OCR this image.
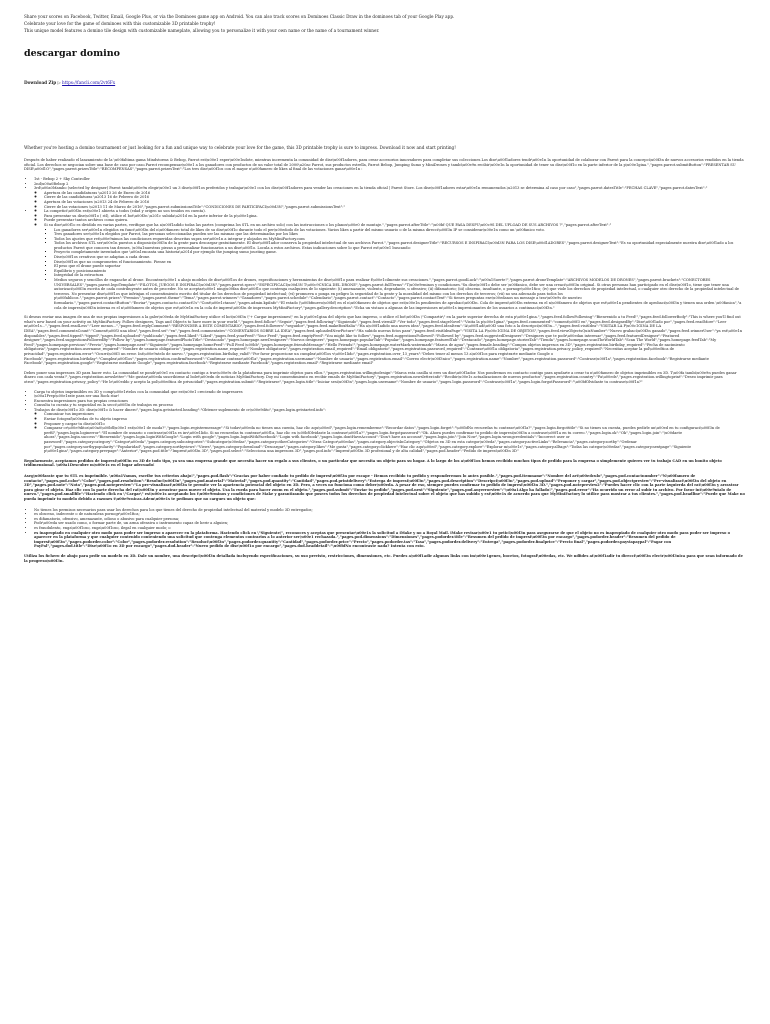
Share your scores on Facebook, Twitter, Email, Google Plus, or via the Dominoes game app on Android. You can also track scores on Dominoes Classic Draw in the dominoes tab of your Google Play app.

Celebrate your love for the game of dominoes with this customizable 3D printable trophy!

This unique model features a domino tile design with customizable nameplate, allowing you to personalize it with your own name or the name of a tournament winner.

descargar domino
Download Zip ▷ https://fancli.com/2vt6Fx

Whether you're hosting a domino tournament or just looking for a fun and unique way to celebrate your love for the game, this 3D printable trophy is sure to impress. Download it now and start printing!

Después de haber realizado el lanzamiento de la \u00faltima gama Mindstorms & Bebop, Parrot est\u00e1 esper\u00e1ndote, mientras incrementa la comunidad de dise\u00f1adores, para crear accesorios innovadores para completar sus colecciones.Los dise\u00f1adores tendr\u00e1n la oportunidad de colaborar con Parrot para la concepci\u00f3n de nuevos accesorios vendidos en la tienda oficial. Los derechos se negocian sobre una base de caso por caso.Parrot recompensar\u00e1 a los ganadores con productos de un valor total de 2000\u20ac Parrot, sus productos estrella, Parrot Bebop, Jumping Sumo y MiniDrones y tambi\u00e9n recibir\u00e1n la oportunidad de tener su dise\u00f1o en la parte inferior de la p\u00e1gina.","pages.parrot.submitButton":"PRESENTAR SU DISE\u00d1O","pages.parrot.prizesTitle":"RECOMPENSAS","pages.parrot.prizesText":"Los tres dise\u00f1os con el mayor n\u00famero de likes al final de las votaciones ganar\u00e1n :

• 1st - Bebop 2 + Sky Controller
• 2nd\u00a0Bebop 2
• 3rd\u00a0Mambo (selected by designer) Parrot tambi\u00e9n elegir\u00e1 un 3 dise\u00f1os preferidos y trabajar\u00e1 con los dise\u00f1adores para vender las creaciones en la tienda oficial | Parrot Store. Los dise\u00f1adores estar\u00e1n remunerados.\u2013 se determina al caso por caso","pages.parrot.datesTitle":"FECHAS CLAVE","pages.parrot.datesText":"
◦ Apertura de las candidaturas \u2013 26 de Enero de 2016
◦ Cierre de las candidaturas \u2013 16 de Febrero de 2016
◦ Apertura de las votaciones \u2013 24 de Febrero de 2016
◦ Cierre de las votaciones \u2013 11 de Marzo de 2016","pages.parrot.submissionsTitle":"CONDICIONES DE PARTICIPACI\u00d3N","pages.parrot.submissionsText":"
◦ • La competici\u00f3n est\u00e1 abierta a todos (edad y origen no son tenidos en cuenta).
◦ Para presentar su dise\u00f1o ( stl), utilice el bot\u00f3n \u201c subida\u201d en la parte inferior de la p\u00e1gina.
◦ Puede presentar tantos archivos como quiera.
◦ Si su dise\u00f1o es dividido en varias partes, verifique que ha a\u00f1adido todas las partes (comprima los STL en un archivo solo) con las instrucciones o los planos\u00e0 de montaje.","pages.parrot.afterTitle":"\u00bf QUE PASA DESPU\u00c9S DEL UPLOAD DE SUS ARCHIVOS ?","pages.parrot.afterText":"
▪ Los ganadores ser\u00e1n elegidos en funci\u00f3n del n\u00famero total de likes de su dise\u00f1o durante todo el per\u00edodo de las votaciones. Varios likes a partir del mismo usuario o de la misma direcci\u00f3n IP se considerar\u00e1n como un \u00fanico voto.
▪ Tres ganadores ser\u00e1n elegidos por Parrot, las personas seleccionadas pueden ser las mismas que las determinadas por los likes
▪ Todos los ajustes que ret\u00e9nimos las condiciones requeridas descritas supra ser\u00e1n a integrar y alojados en MyMiniFactory.com
▪ Todos los archivos STL ser\u00e1n puestos a disposici\u00f3n de la gente para descargar gratuitamente. El dise\u00f1ador conserva la propiedad intelectual de sus archivos Parrot.","pages.parrot.designerTitle":"RECURSOS E INSPIRACI\u00d3N PARA LOS DISE\u00d1ADORES","pages.parrot.designerText":"Es su oportunidad especialmente nuestra dise\u00f1ado a los productos Parrot que conocen tan drones, \u00a1nuestras piezas a personalizar funcionarios a un dise\u00f1o. Locula a estos archivos. Estas indicaciones sobre lo que Parrot est\u00e1 buscando:
▪ Proyecto completamente inventados que \u00a1encanta una historia\u201d por ejemplo the jumping sumo jousting game.
▪ Dise\u00f1os creativos que se adaptan a cada drone.
▪ Dise\u00f1os que no comprometen el funcionamiento. Piense en
▪ El peso que el drone puede soportar
▪ Equilibrio y posicionamiento
▪ Integridad de la estructura
▪ Medios seguros y sencillos de enganche al drone. Encontrar\u00e1 a abajo modelos de dise\u00f1os de drones, especificaciones y herramientas de dise\u00f1o para realizar f\u00e1cilmente sus creaciones.","pages.parrot.goodLuck":"\u00a1Suerte!","pages.parrot.droneTemplate":"ARCHIVOS MODELOS DE DRONES","pages.parrot.brackets":"CONECTORES UNIVERSALES","pages.parrot.legoTemplate":"PILOTOS, JUEGOS E INSPIRACI\u00d3N","pages.parrot.specs":"ESPECIFICACI\u00d3N T\u00c9CNICA DEL DRONE","pages.parrot.fullTerms":"T\u00e9rminos y condiciones."Su dise\u00f1o debe ser \u00fanico, debe ser una creaci\u00f3n original. Si otras personas han participado en el dise\u00f1o, tiene que tener una autorizaci\u00f3n escrita de cada contribuyente antes de proceder. No se aceptar\u00e1 ning\u00fan dise\u00f1o que contenga cualquiera de lo siguiente: (i) amenazante, violento, degradante, u ofensivo; (ii) difamatorio; (iii) obsceno, insultante, o pornogr\u00e1fico; (iv) que viole los derechos de propiedad intelectual, o cualquier otro derecho de la propiedad intelectual de terceros. No presentar dise\u00f1os que infrinjan el consentimiento escrito del titular de los derechos de propiedad intelectual; (vi) promueva o ponga en peligro la seguridad de la gente y la moralidad del mismo con los derechos de terceros; (vii) no sea adecuado para todos los p\u00fablicos.","pages.parrot.prizes":"Premios","pages.parrot.theme":"Tema","pages.parrot.winners":"Ganadores","pages.parrot.schedule":"Calendario","pages.parrot.contact":"Contacto","pages.parrot.contactText":"Si tienes preguntas env\u00edanos un mensaje a trav\u00e9s de nuestro formulario.","pages.parrot.contactButton":"Enviar","pages.contacto.contactUs":"Cont\u00e1ctanos","pages.admin.kpiInfo":"El estado (\u00bfnuevo\u00bf) en el n\u00famero de objetos que est\u00e1n pendientes de aprobaci\u00f3n. Cola de impresi\u00f3n externa en el n\u00famero de objetos que est\u00e1n pendientes de aprobaci\u00f3n y tienen una orden \u00fanica","a cola de impresi\u00f3n interna es el n\u00famero de objetos que est\u00e1n en la cola de impresi\u00f3n de impresora MyMiniFactory","pages.gallery.description":"Echa un vistazo a algunas de las impresiones m\u00e1s impresionantes de los usuarios a continuaci\u00f3n."

Si deseas enviar una imagen de una de sus propias impresiones a la galer\u00eda de MyMiniFactory utilice el bot\u00f3n \"+ Cargar impresiones\" en la p\u00e1gina del objeto que has impreso, o utilice el bot\u00f3n \"Compartir\" en la parte superior derecha de esta p\u00e1gina.","pages.feed.followFollowing":"Bienvenido a tu Feed!","pages.feed.followerBody":"This is where you'll find out what's new based on your activity on MyMiniFactory. Follow designers, Tags and Objects to have more in your world.","pages.feed.follow":"Seguir","pages.feed.following":"Siguiendo","pages.feed.viewAll":"Ver todo","pages.feed.stageNovel":"Visita la p\u00e1gina","pages.feed.commented":"coment\u00f3 en","pages.feed.designedBy":"Dise\u00f1ado por","pages.feed.readMore":"Leer m\u00e1s...","pages.feed.readLess":"Leer menos...","pages.feed.replyComment":"RESPONDER A ESTE COMENTARIO","pages.feed.followers":"seguidor","pages.feed.makeBoxHalia":"Ha a\u00f1adido una nueva idea","pages.feed.ideaItem":"A\u00f1adi\u00f3 una foto a la descripci\u00f3n...","pages.feed.visitIdea":"VISITAR LA P\u00c1GINA DE LA IDEA","pages.feed.commentsCount":"Coment\u00f3 una idea","pages.feed.sei":"en","pages.feed.commentates":"COMENTARIOS SOBRE LA IDEA","pages.feed.uploadedNewPicture":"Ha subido nuevas fotos para","pages.feed.visitIdeaPage":"VISITA LA P\u00c1GINA DE OBJETOS","pages.feed.viewObjectsQuizNumber":"Nuevo grabaci\u00f3n ganado","pages.feed.winnerUser":"ya est\u00e1n disponibles","pages.feed.tipped":"tipped","pages.feed.uploaded":"publicado","pages.feed.liked":"Liked","pages.feed.yourFeed":"Your Feed","pages.feed.emptyFeed":"You might like to follow","pages.feed.suggestionsFollowed":"Followed by","pages.feed.suggestedDesigners":"Designers que te podr\u00edan interesar","pages.feed.featuredDesigner":"Featured designer","pages.feed.suggestionsFollowedBy":"Follow by","pages.homepage.featuredPhotoTitle":"Destacado","pages.homepage.newDesigners":"Nuevos designers","pages.homepage.popularTab":"Popular","pages.homepage.featuredTab":"Destacado","pages.homepage.storiesTab":"Tienda","pages.homepage.scanTheWorldTab":"Scan The World","pages.homepage.feedTab":"My Feed","pages.homepage.previous":"Previo","pages.homepage.next":"Siguiente","pages.homepage.homeFeed":"Full Feed \u00bb","pages.homepage.friendsMessage":"Hello Friends!","pages.homepage.waterMark.watermark":"Marca de agua","pages.female.heading":"Compra objetos impresos en 3D","pages.registration.birthday_required":"Fecha de nacimiento obligatoria","pages.registration.username_required":"Nombre de usuario obligatorio","pages.registration.name_required":"Nombre obligatorio","pages.registration.email_required":"Email obligatorio","pages.registration.password_required":"Contrase\u00f1a obligatoria","pages.registration.privacy_policy_required":"Necesitas aceptar la pol\u00edtica de privacidad","pages.registration.error":"Ocurri\u00f3 un error. Int\u00e9ntelo de nuevo.","pages.registration.birthday_valid":"Por favor proporcione un cumplea\u00f1os v\u00e1lido","pages.registration.over_13_years":"Debes tener al menos 13 a\u00f1os para registrarte mediante Google o Facebook","pages.registration.birthday":"Cumplea\u00f1os","pages.registration.confirmPassword":"Confirmar contrase\u00f1a","pages.registration.username":"Nombre de usuario","pages.registration.email":"Correo electr\u00f3nico","pages.registration.name":"Nombre","pages.registration.password":"Contrase\u00f1a","pages.registration.facebook":"Registrarse mediante Facebook","pages.registration.google":"Registrarse mediante Google","pages.registration.facebook":"Registrarse mediante Facebook","pages.registration.email":"Registrarse mediante email"

Debes poner una impresora 3D para hacer esto. La comunidad se pondr\u00e1 en contacto contigo a trav\u00e9s de la plataforma para imprimir objetos para ellos.","pages.registration.willingtodesign":"Marca esta casilla si eres un dise\u00f1ador. Nos pondremos en contacto contigo para ayudarte a crear tu n\u00famero de objetos imprimibles en 3D. T\u00fa tambi\u00e9n puedes ganar dinero con cada venta!","pages.registration.newsletter":"Me gustar\u00eda suscribirme al bolet\u00edn de noticias MyMiniFactory. Doy mi consentimiento en recibir emails de MyMiniFactory","pages.registration.newsletter.info":"Recibir\u00e1s actualizaciones de nuevos productos","pages.registration.country":"Pa\u00eds","pages.registration.willingtoprint":"Deseo imprimir para otros","pages.registration.privacy_policy":"He le\u00eddo y acepto la pol\u00edtica de privacidad","pages.registration.submit":"Registrarse","pages.login.title":"Iniciar sesi\u00f3n","pages.login.username":"Nombre de usuario","pages.login.password":"Contrase\u00f1a","pages.login.forgotPassword":"\u00bfOlvidaste tu contrase\u00f1a?"

• Carga tu objetos imprimibles en 3D y comp\u00e1rtelos con la comunidad que est\u00e1 creciendo de impresores
• \u00a1Prep\u00e1rate para ser una Rock star!
• Encuentra impresiones para tus propias creaciones
• Consulta tu cuenta y tu seguridad en la secci\u00f3n de trabajos en proceso
• Trabajos de dise\u00f1o 3D: dise\u00f1o & hacer dinero","pages.login.getstarted.heading":"Obtener suplemento de cr\u00e9dito","pages.login.getstarted.info":
◦ Comunicar tus impresiones
◦ Enviar fotograf\u00edas de tu objeto impreso
◦ Proponer y cargar tu dise\u00f1o
◦ Comparar cr\u00e9ditos\u00a0\u00bfl\u00e1 est\u00e1 de moda?","pages.login.registermessage":"Si todav\u00eda no tienes una cuenta, haz clic aqu\u00ed","pages.login.rememberme":"Recordar datos","pages.login.forget":"\u00bfNo recuerdas tu contrase\u00f1a?","pages.login.forgottitle":"Si no tienes un cuenta, puedes pedirle un\u00ed en tu configuraci\u00f3n de perfil","pages.login.loginerror":"El nombre de usuario o contrase\u00f1a es inv\u00e1lido. Si no recuerdas tu contrase\u00f1a, haz clic en \u00bfOlvidaste la contrase\u00f1a?","pages.login.forgotpassword":"Ok. Ahora puedes confirmar tu pedido de impresi\u00f3n a contrase\u00f1a en tu correo.","pages.login.ok":"Ok","pages.login.join":"\u00daete ahora","pages.login.success":"Bienvenido","pages.login.loginWithGoogle":"Login with google","pages.login.loginWithFacebook":"Login with facebook","pages.login.dontHaveAccount":"Don't have an account","pages.login.join":"Join Now","pages.login.wrongcredentials":"Incorrect user or password","pages.category.category":"Categor\u00eda","pages.category.subcategories":"Subcategor\u00edas","pages.category.otherCategories":"Otras Categor\u00edas","pages.category.objectsInCategory":"Objetos en 3D en esta categor\u00eda","pages.category.activeLinks":"Relevancia","pages.category.sortby":"Ordenar por","pages.category.sortbypopularity":"Popularidad","pages.category.sortbyviews":"Views","pages.category.download":"Descargar","pages.category.likes":"Me gusta","pages.category.clickhere":"Haz clic aqu\u00ed","pages.category.explore":"Explorar m\u00e1s","pages.category.alltags":"Todas las categor\u00edas","pages.category.nextpage":"Siguiente p\u00e1gina","pages.category.prevpage":"Anterior","pages.pod.title":"Impresi\u00f3n 3D","pages.pod.select":"Selecciona una impresora 3D","pages.pod.info":"Impresi\u00f3n 3D profesional y de alta calidad","pages.pod.header":"Pedido de impresi\u00f3n 3D"

Regularmente, aceptamos pedidos de impresi\u00f3n en 3D de todo tipo, ya sea una empresa grande que necesita hacer un regalo a sus clientes, o un particular que necesita un objeto para su hogar. A lo largo de los a\u00f1os hemos recibido muchos tipos de pedido para la empresa o simplemente quieres ver tu trabajo CAD en un bonito objeto tridimensional. \u00a1Descubre m\u00e1s en el lugar adecuado!

Aseg\u00farate que tu STL es imprimible. \u00a1Vamos, escribe tus criterios abajo!","pages.pod.flash":"Gracias por haber confiado tu pedido de impresi\u00f3n por escape - Hemos recibido tu pedido y responderemos lo antes posible.","pages.pod.itemname":"Nombre del art\u00edculo","pages.pod.contactnumber":"N\u00famero de contacto","pages.pod.color":"Color","pages.pod.resolution":"Resoluci\u00f3n","pages.pod.material":"Material","pages.pod.quantity":"Cantidad","pages.pod.printdelivery":"Entrega de impresi\u00f3n","pages.pod.description":"Descripci\u00f3n","pages.pod.upload":"Proponer y cargar","pages.pod.objectpreview":"Pre-visualizaci\u00f3n del objeto en 3D","pages.pod.note":"Nota","pages.pod.notepreview":"La pre-visualizaci\u00f3n te permite ver la apariencia potencial del objeto en 3D. Pero, a veces no funciona como deber\u00eda. A pesar de eso, siempre puedes confirmar tu pedido de impresi\u00f3n 3D.","pages.pod.notepreview2":"Puedes hacer clic con la parte izquierda del rat\u00f3n y arrastrar para girar el objeto. Haz clic con la parte derecha del rat\u00f3n y arrastrar para mover el objeto. Usa la rueda para hacer zoom en el objeto.","pages.pod.submit":"Enviar tu pedido","pages.pod.next":"Siguiente","pages.pod.anyerrorview":"\u00a1Algo ha fallado!","pages.pod.error":"Ha ocurrido un error al subir tu archivo. Por favor int\u00e9ntalo de nuevo.","pages.pod.smallfile":"Haciendo click en \"Cargar\" est\u00e1s aceptando los t\u00e9rminos y condiciones de Make y garantizando que posees todos los derechos de propiedad intelectual sobre el objeto que has subido y est\u00e1s de acuerdo para que MyMiniFactory lo utilice para mostrar a tus clientes.","pages.pod.headline":"Puede que Make no pueda imprimir tu modelo debido a razones t\u00e9cnicas.Adem\u00e1s te pedimos que no cargues un objeto que:

• No tienes los permisos necesarios para usar los derechos para los que tienes del derecho de propiedad intelectual del material y modelo 3D entregados;
• es obsceno, indecente o de naturaleza pornogr\u00e1fica;
• es difamatorio, ofensivo, amenazante, odioso o abusivo para cualquier persona;
• Podr\u00eda ser usado como, o formar parte de, un arma ofensiva o instrumento capaz de herir a alguien;
• es fraudulento, enga\u00f1oso, enga\u00f1oso, ilegal en cualquier modo; o
• es inapropiado en cualquier otro modo para poder ser impreso o aparecer en la plataforma. Haciendo click en \"Siguiente\", reconoces y aceptas que presentar\u00e1s la solicitud a iMake y no a Royal Mail. iMake revisar\u00e1 tu petici\u00f3n para asegurarse de que el objeto no es inapropiado de cualquier otro modo para poder ser impreso o aparecer en la plataforma y que cualquier contenido conteniendo una solicitud que contenga elementos contrarios a lo anterior ser\u00e1 rechazada.","pages.pod.dimensions":"Dimensiones","pages.podorder.title":"Resumen del pedido de impresi\u00f3n por encargo","pages.podorder.header":"Resumen del pedido de impresi\u00f3n","pages.podorder.color":"Color","pages.podorder.resolution":"Resoluci\u00f3n","pages.podorder.quantity":"Cantidad","pages.podorder.price":"Precio","pages.podorder.tax":"Tasa","pages.podorder.delivery":"Entrega","pages.podorder.finalprice":"Precio final","pages.podorder.payviapaypal":"Pagar con PayPal","pages.dod.title":"Dise\u00f1o en 3D por encargo","pages.dod.header":"Nuevo pedido de dise\u00f1o por encargo","pages.dod.headdetail":"\u00bfNo encontraste nada? Intenta con esto.

Utiliza los fichero de abajo para pedir un modelo en 3D. Dale un nombre, una descripci\u00f3n detallada incluyendo especificaciones, su uso previsto, restricciones, dimensiones, etc. Puedes a\u00f1adir algunos links con im\u00e1genes, bocetos, fotograf\u00edas, etc. We ndfides at\u00f1adir tu direcci\u00f3n electr\u00f3nica para que sean informado de la progreso\u00f3n.
